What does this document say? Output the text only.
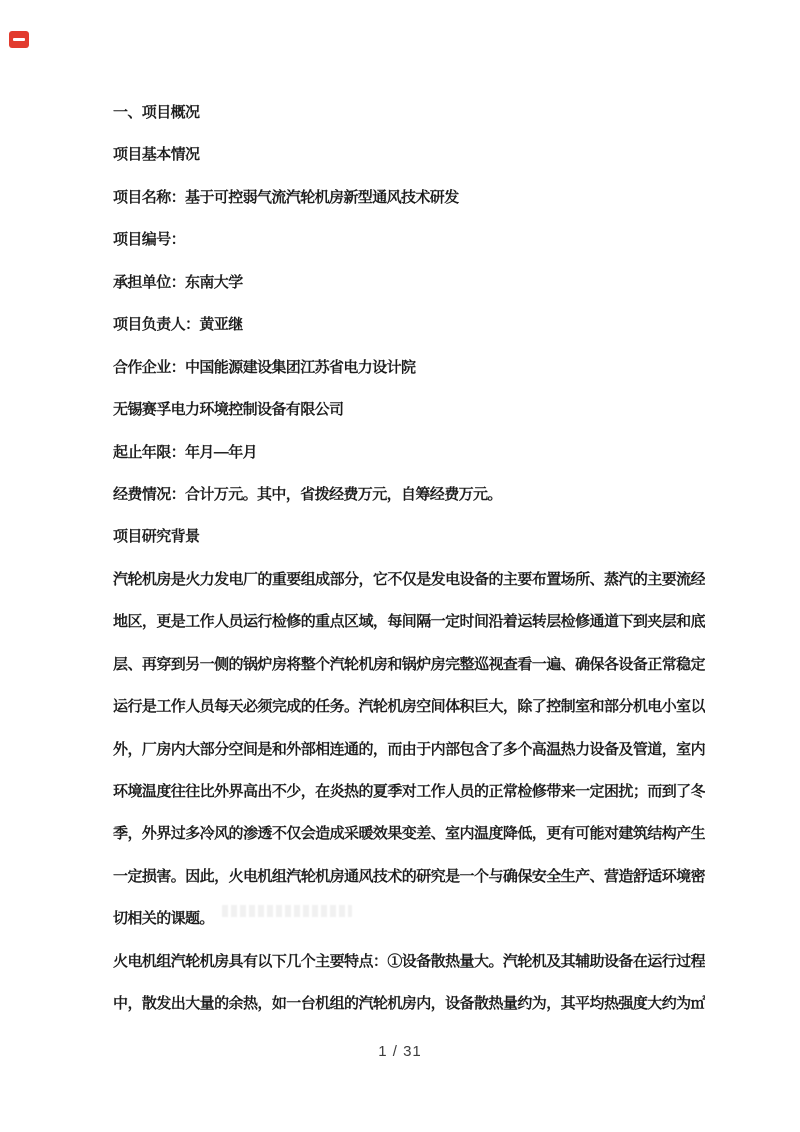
一、项目概况
项目基本情况
项目名称：基于可控弱气流汽轮机房新型通风技术研发
项目编号：
承担单位：东南大学
项目负责人：黄亚继
合作企业：中国能源建设集团江苏省电力设计院
无锡赛孚电力环境控制设备有限公司
起止年限：年月—年月
经费情况：合计万元。其中，省拨经费万元，自筹经费万元。
项目研究背景
汽轮机房是火力发电厂的重要组成部分，它不仅是发电设备的主要布置场所、蒸汽的主要流经
地区，更是工作人员运行检修的重点区域，每间隔一定时间沿着运转层检修通道下到夹层和底
层、再穿到另一侧的锅炉房将整个汽轮机房和锅炉房完整巡视查看一遍、确保各设备正常稳定
运行是工作人员每天必须完成的任务。汽轮机房空间体积巨大，除了控制室和部分机电小室以
外，厂房内大部分空间是和外部相连通的，而由于内部包含了多个高温热力设备及管道，室内
环境温度往往比外界高出不少，在炎热的夏季对工作人员的正常检修带来一定困扰；而到了冬
季，外界过多冷风的渗透不仅会造成采暖效果变差、室内温度降低，更有可能对建筑结构产生
一定损害。因此，火电机组汽轮机房通风技术的研究是一个与确保安全生产、营造舒适环境密
切相关的课题。
火电机组汽轮机房具有以下几个主要特点：①设备散热量大。汽轮机及其辅助设备在运行过程
中，散发出大量的余热，如一台机组的汽轮机房内，设备散热量约为，其平均热强度大约为㎡
1 / 31
